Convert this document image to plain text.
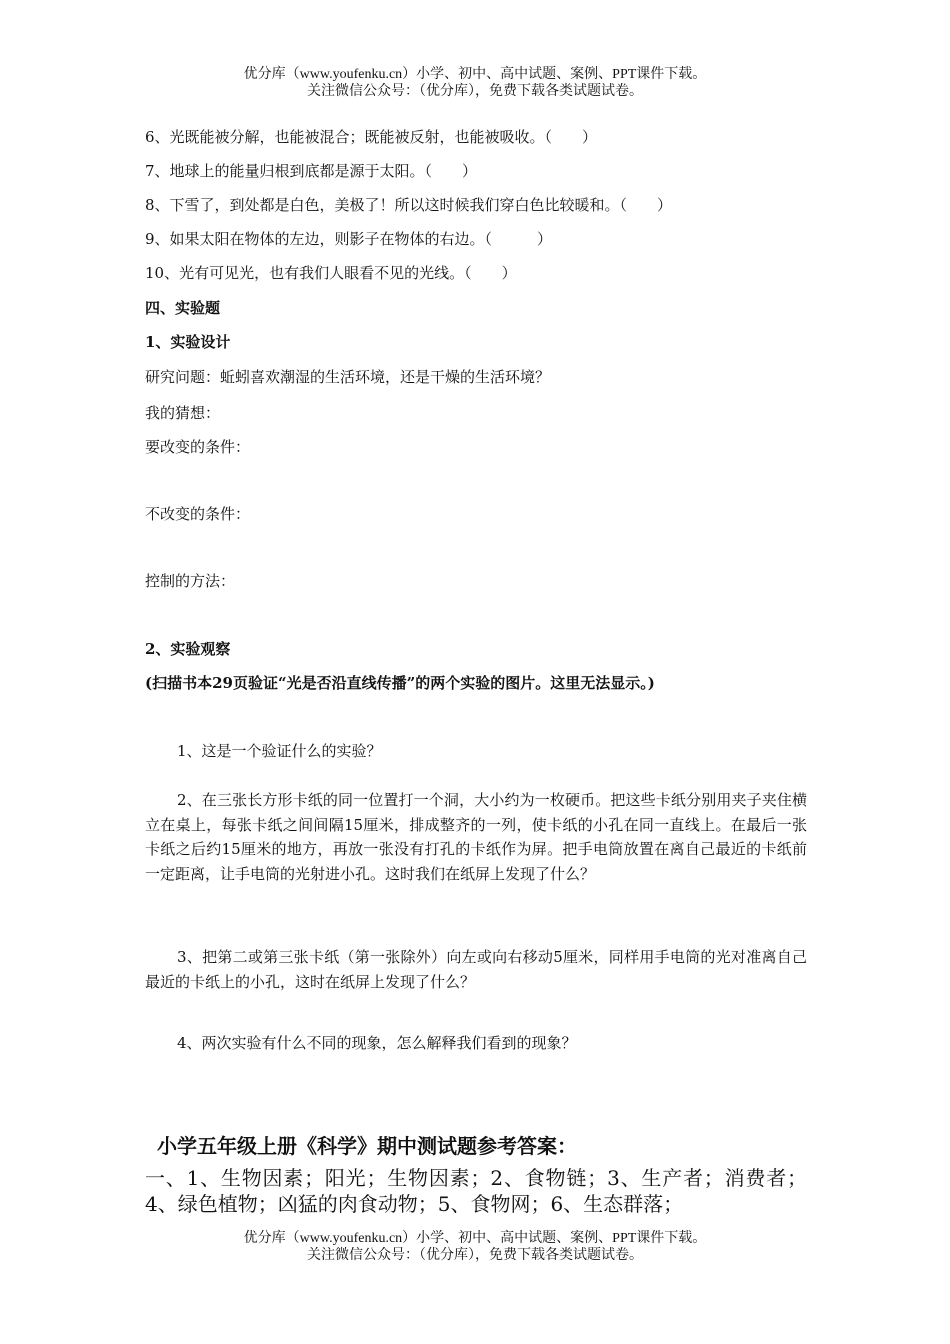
优分库（www.youfenku.cn）小学、初中、高中试题、案例、PPT课件下载。
关注微信公众号：（优分库），免费下载各类试题试卷。
6、光既能被分解，也能被混合；既能被反射，也能被吸收。（　　）
7、地球上的能量归根到底都是源于太阳。（　　）
8、下雪了，到处都是白色，美极了！所以这时候我们穿白色比较暖和。（　　）
9、如果太阳在物体的左边，则影子在物体的右边。（　　　）
10、光有可见光，也有我们人眼看不见的光线。（　　）
四、实验题
1、实验设计
研究问题：蚯蚓喜欢潮湿的生活环境，还是干燥的生活环境？
我的猜想：
要改变的条件：
不改变的条件：
控制的方法：
2、实验观察
(扫描书本29页验证“光是否沿直线传播”的两个实验的图片。这里无法显示。)
1、这是一个验证什么的实验？
2、在三张长方形卡纸的同一位置打一个洞，大小约为一枚硬币。把这些卡纸分别用夹子夹住横立在桌上，每张卡纸之间间隔15厘米，排成整齐的一列，使卡纸的小孔在同一直线上。在最后一张卡纸之后约15厘米的地方，再放一张没有打孔的卡纸作为屏。把手电筒放置在离自己最近的卡纸前一定距离，让手电筒的光射进小孔。这时我们在纸屏上发现了什么？
3、把第二或第三张卡纸（第一张除外）向左或向右移动5厘米，同样用手电筒的光对准离自己最近的卡纸上的小孔，这时在纸屏上发现了什么？
4、两次实验有什么不同的现象，怎么解释我们看到的现象？
小学五年级上册《科学》期中测试题参考答案：
一、1、生物因素；阳光；生物因素；2、食物链；3、生产者；消费者；4、绿色植物；凶猛的肉食动物；5、食物网；6、生态群落；
优分库（www.youfenku.cn）小学、初中、高中试题、案例、PPT课件下载。
关注微信公众号：（优分库），免费下载各类试题试卷。
